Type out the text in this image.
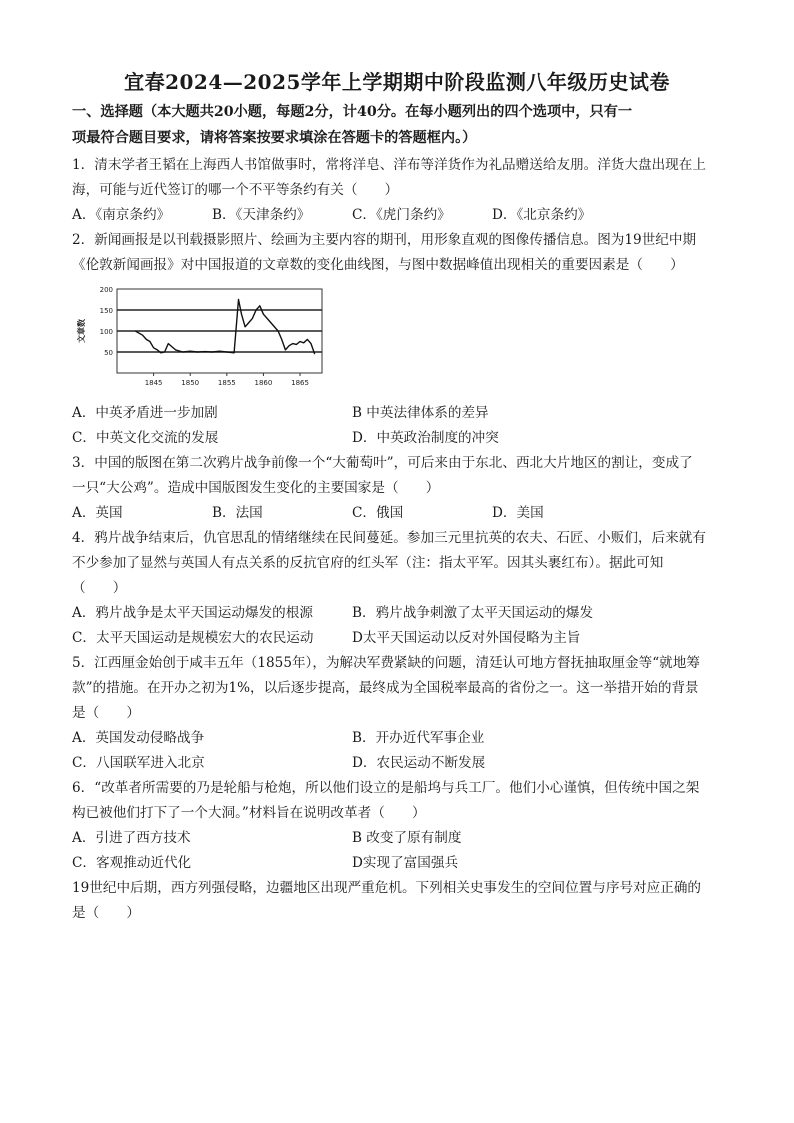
宜春2024—2025学年上学期期中阶段监测八年级历史试卷
一、选择题（本大题共20小题，每题2分，计40分。在每小题列出的四个选项中，只有一
项最符合题目要求，请将答案按要求填涂在答题卡的答题框内。）
1．清末学者王韬在上海西人书馆做事时，常将洋皂、洋布等洋货作为礼品赠送给友朋。洋货大盘出现在上
海，可能与近代签订的哪一个不平等条约有关（　　）
A．《南京条约》	B．《天津条约》	C．《虎门条约》	D．《北京条约》
2．新闻画报是以刊载摄影照片、绘画为主要内容的期刊，用形象直观的图像传播信息。图为19世纪中期
《伦敦新闻画报》对中国报道的文章数的变化曲线图，与图中数据峰值出现相关的重要因素是（　　）
200
150
100
50
1845	1850	1855	1860	1865
文章数
A．中英矛盾进一步加剧	B 中英法律体系的差异
C．中英文化交流的发展	D．中英政治制度的冲突
3．中国的版图在第二次鸦片战争前像一个“大葡萄叶”，可后来由于东北、西北大片地区的割让，变成了
一只“大公鸡”。造成中国版图发生变化的主要国家是（　　）
A．英国	B．法国	C．俄国	D．美国
4．鸦片战争结束后，仇官思乱的情绪继续在民间蔓延。参加三元里抗英的农夫、石匠、小贩们，后来就有
不少参加了显然与英国人有点关系的反抗官府的红头军（注：指太平军。因其头裹红布）。据此可知
（　　）
A．鸦片战争是太平天国运动爆发的根源	B．鸦片战争刺激了太平天国运动的爆发
C．太平天国运动是规模宏大的农民运动	D太平天国运动以反对外国侵略为主旨
5．江西厘金始创于咸丰五年（1855年），为解决军费紧缺的问题，清廷认可地方督抚抽取厘金等“就地筹
款”的措施。在开办之初为1%，以后逐步提高，最终成为全国税率最高的省份之一。这一举措开始的背景
是（　　）
A．英国发动侵略战争	B．开办近代军事企业
C．八国联军进入北京	D．农民运动不断发展
6．“改革者所需要的乃是轮船与枪炮，所以他们设立的是船坞与兵工厂。他们小心谨慎，但传统中国之架
构已被他们打下了一个大洞。”材料旨在说明改革者（　　）
A．引进了西方技术	B 改变了原有制度
C．客观推动近代化	D实现了富国强兵
19世纪中后期，西方列强侵略，边疆地区出现严重危机。下列相关史事发生的空间位置与序号对应正确的
是（　　）
